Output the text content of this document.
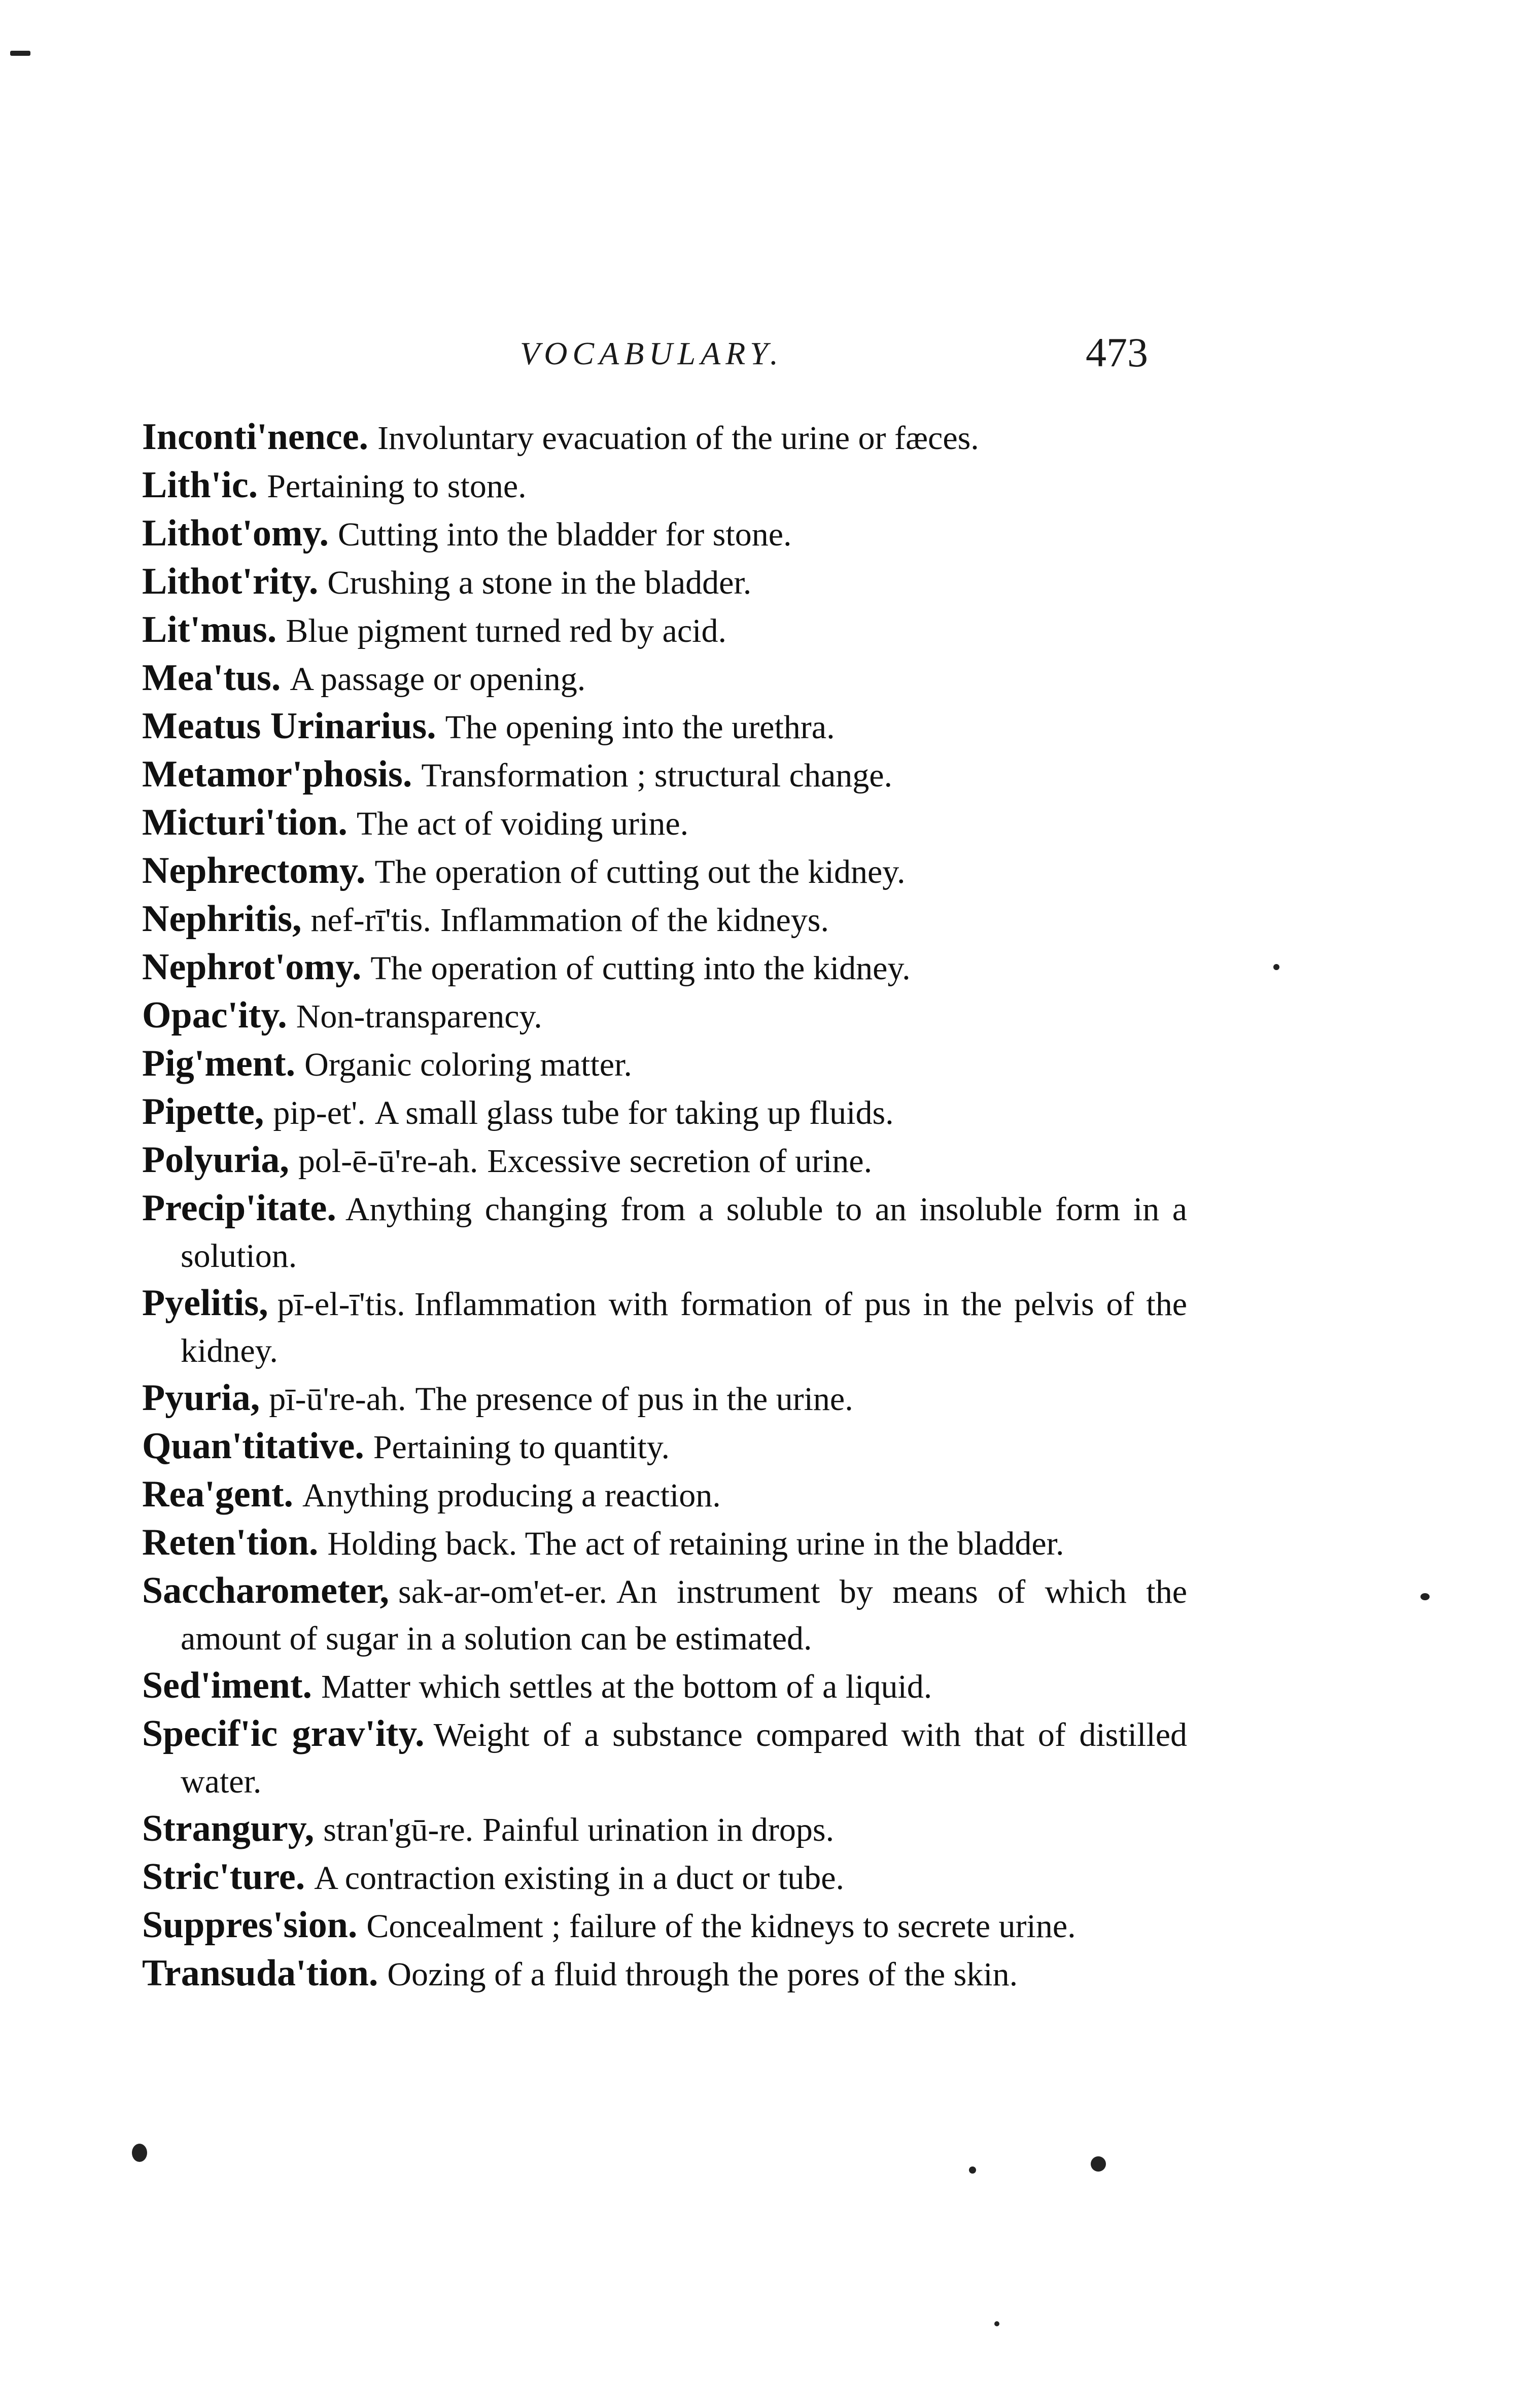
VOCABULARY.	473

Inconti'nence. Involuntary evacuation of the urine or fæces.

Lith'ic. Pertaining to stone.

Lithot'omy. Cutting into the bladder for stone.

Lithot'rity. Crushing a stone in the bladder.

Lit'mus. Blue pigment turned red by acid.

Mea'tus. A passage or opening.

Meatus Urinarius. The opening into the urethra.

Metamor'phosis. Transformation ; structural change.

Micturi'tion. The act of voiding urine.

Nephrectomy. The operation of cutting out the kidney.

Nephritis, nef-rī'tis. Inflammation of the kidneys.

Nephrot'omy. The operation of cutting into the kidney.

Opac'ity. Non-transparency.

Pig'ment. Organic coloring matter.

Pipette, pip-et'. A small glass tube for taking up fluids.

Polyuria, pol-ē-ū're-ah. Excessive secretion of urine.

Precip'itate. Anything changing from a soluble to an insoluble form in a solution.

Pyelitis, pī-el-ī'tis. Inflammation with formation of pus in the pelvis of the kidney.

Pyuria, pī-ū're-ah. The presence of pus in the urine.

Quan'titative. Pertaining to quantity.

Rea'gent. Anything producing a reaction.

Reten'tion. Holding back. The act of retaining urine in the bladder.

Saccharometer, sak-ar-om'et-er. An instrument by means of which the amount of sugar in a solution can be estimated.

Sed'iment. Matter which settles at the bottom of a liquid.

Specif'ic grav'ity. Weight of a substance compared with that of distilled water.

Strangury, stran'gū-re. Painful urination in drops.

Stric'ture. A contraction existing in a duct or tube.

Suppres'sion. Concealment ; failure of the kidneys to secrete urine.

Transuda'tion. Oozing of a fluid through the pores of the skin.
